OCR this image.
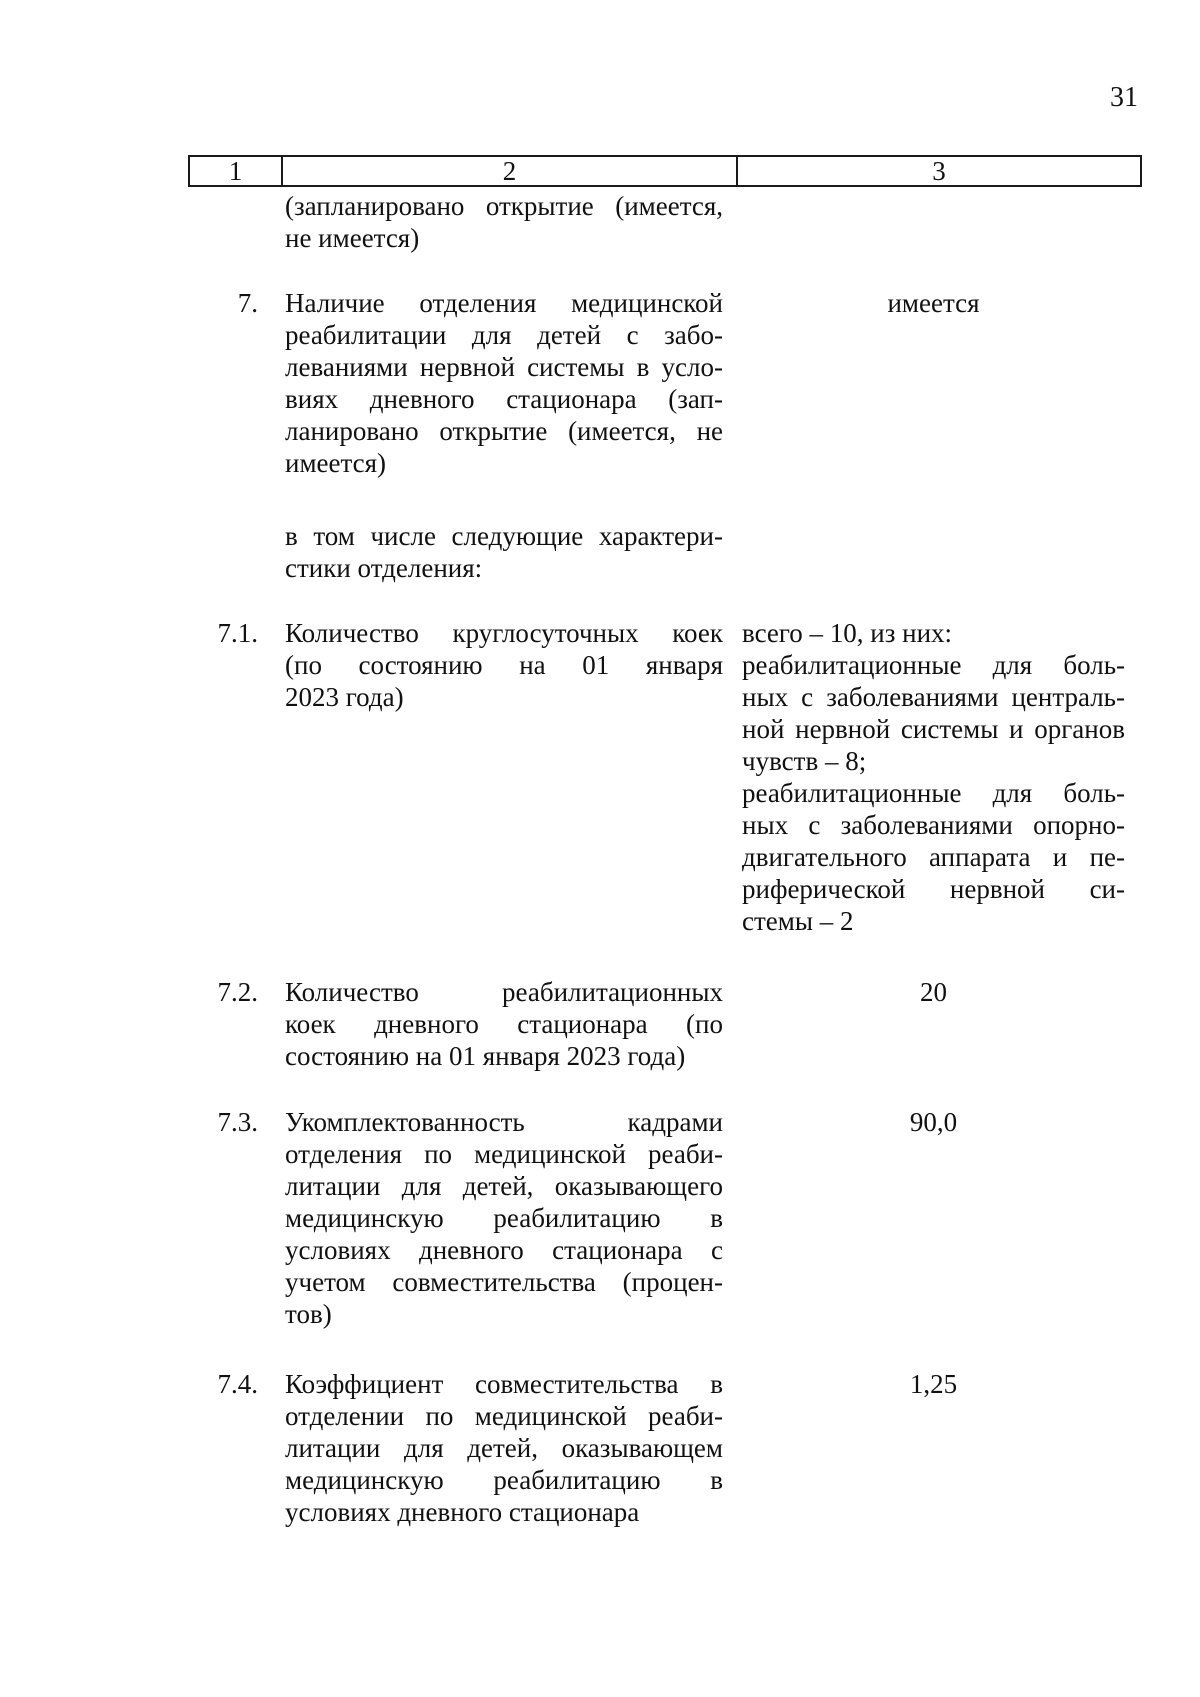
31
1	2	3
(запланировано открытие (имеется,
не имеется)
7. Наличие отделения медицинской
реабилитации для детей с забо-
леваниями нервной системы в усло-
виях дневного стационара (зап-
ланировано открытие (имеется, не
имеется)
имеется
в том числе следующие характери-
стики отделения:
7.1. Количество круглосуточных коек
(по состоянию на 01 января
2023 года)
всего – 10, из них:
реабилитационные для боль-
ных с заболеваниями централь-
ной нервной системы и органов
чувств – 8;
реабилитационные для боль-
ных с заболеваниями опорно-
двигательного аппарата и пе-
риферической нервной си-
стемы – 2
7.2. Количество реабилитационных
коек дневного стационара (по
состоянию на 01 января 2023 года)
20
7.3. Укомплектованность кадрами
отделения по медицинской реаби-
литации для детей, оказывающего
медицинскую реабилитацию в
условиях дневного стационара с
учетом совместительства (процен-
тов)
90,0
7.4. Коэффициент совместительства в
отделении по медицинской реаби-
литации для детей, оказывающем
медицинскую реабилитацию в
условиях дневного стационара
1,25
